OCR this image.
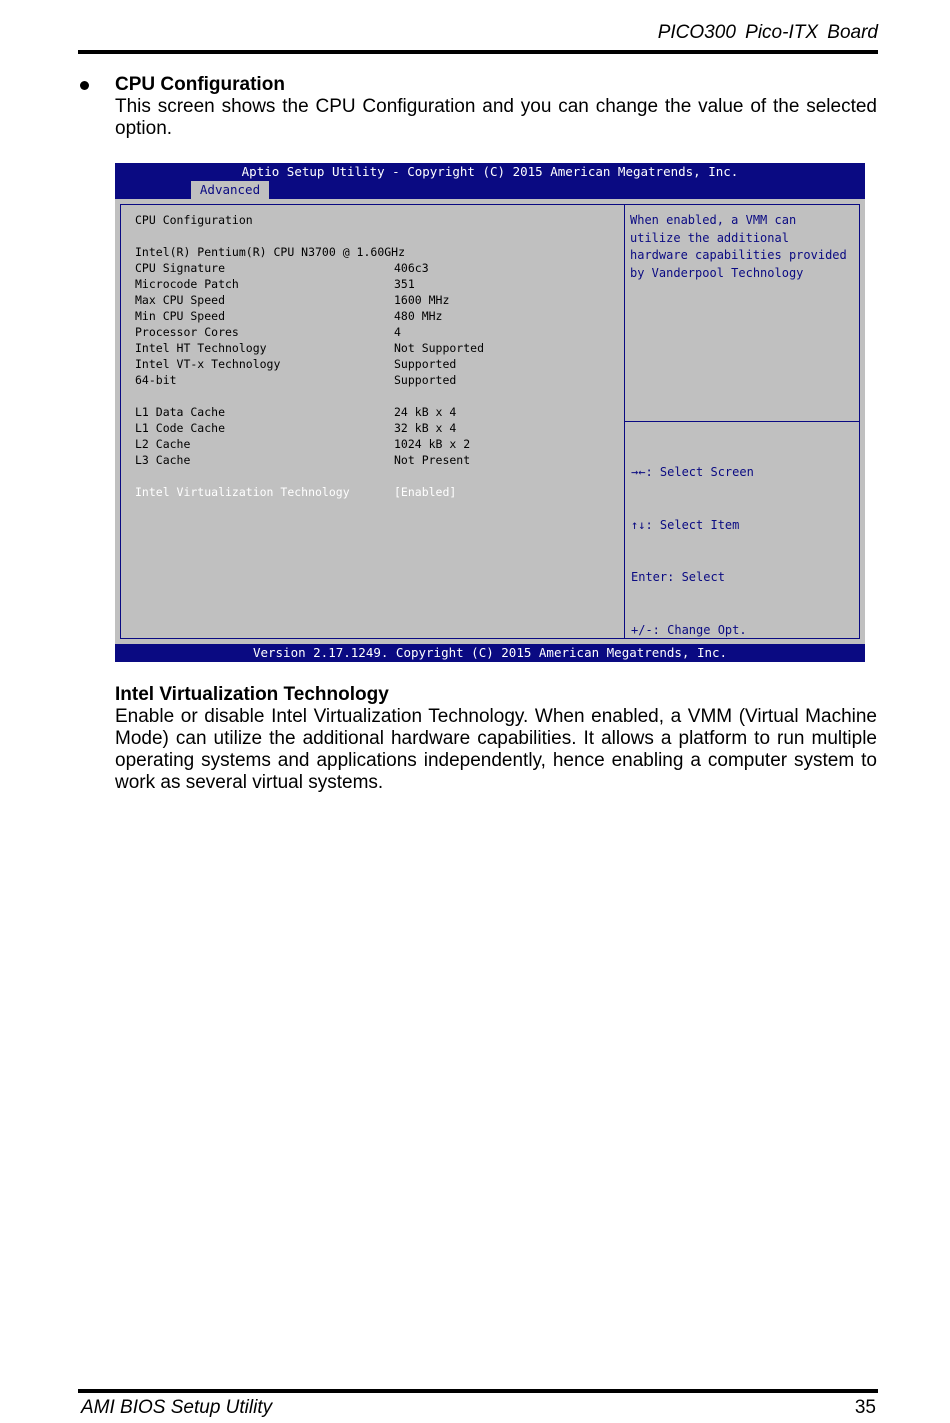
PICO300 Pico-ITX Board
CPU Configuration
This screen shows the CPU Configuration and you can change the value of the selected option.
Aptio Setup Utility - Copyright (C) 2015 American Megatrends, Inc.
Advanced
CPU Configuration
Intel(R) Pentium(R) CPU N3700 @ 1.60GHz
CPU Signature	406c3
Microcode Patch	351
Max CPU Speed	1600 MHz
Min CPU Speed	480 MHz
Processor Cores	4
Intel HT Technology	Not Supported
Intel VT-x Technology	Supported
64-bit	Supported
L1 Data Cache	24 kB x 4
L1 Code Cache	32 kB x 4
L2 Cache	1024 kB x 2
L3 Cache	Not Present
Intel Virtualization Technology	[Enabled]
When enabled, a VMM can
utilize the additional
hardware capabilities provided
by Vanderpool Technology

→←: Select Screen

↑↓: Select Item

Enter: Select

+/-: Change Opt.

Version 2.17.1249. Copyright (C) 2015 American Megatrends, Inc.
Intel Virtualization Technology
Enable or disable Intel Virtualization Technology. When enabled, a VMM (Virtual Machine Mode) can utilize the additional hardware capabilities. It allows a platform to run multiple operating systems and applications independently, hence enabling a computer system to work as several virtual systems.
AMI BIOS Setup Utility	35
